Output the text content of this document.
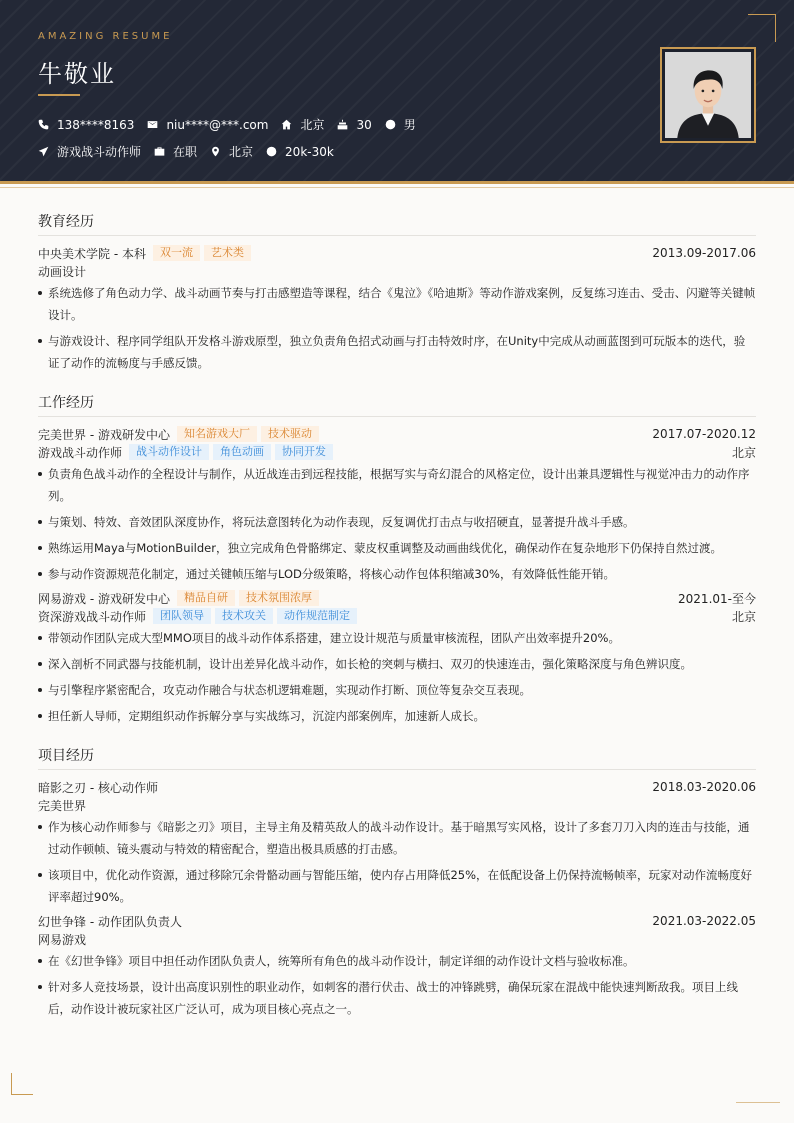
AMAZING RESUME
牛敬业
138****8163	niu****@***.com	北京	30	男
游戏战斗动作师	在职	北京	20k-30k
教育经历
中央美术学院 - 本科	双一流	艺术类	2013.09-2017.06
动画设计
系统选修了角色动力学、战斗动画节奏与打击感塑造等课程，结合《鬼泣》《哈迪斯》等动作游戏案例，反复练习连击、受击、闪避等关键帧设计。
与游戏设计、程序同学组队开发格斗游戏原型，独立负责角色招式动画与打击特效时序，在Unity中完成从动画蓝图到可玩版本的迭代，验证了动作的流畅度与手感反馈。
工作经历
完美世界 - 游戏研发中心	知名游戏大厂	技术驱动	2017.07-2020.12
游戏战斗动作师	战斗动作设计	角色动画	协同开发	北京
负责角色战斗动作的全程设计与制作，从近战连击到远程技能，根据写实与奇幻混合的风格定位，设计出兼具逻辑性与视觉冲击力的动作序列。
与策划、特效、音效团队深度协作，将玩法意图转化为动作表现，反复调优打击点与收招硬直，显著提升战斗手感。
熟练运用Maya与MotionBuilder，独立完成角色骨骼绑定、蒙皮权重调整及动画曲线优化，确保动作在复杂地形下仍保持自然过渡。
参与动作资源规范化制定，通过关键帧压缩与LOD分级策略，将核心动作包体积缩减30%，有效降低性能开销。
网易游戏 - 游戏研发中心	精品自研	技术氛围浓厚	2021.01-至今
资深游戏战斗动作师	团队领导	技术攻关	动作规范制定	北京
带领动作团队完成大型MMO项目的战斗动作体系搭建，建立设计规范与质量审核流程，团队产出效率提升20%。
深入剖析不同武器与技能机制，设计出差异化战斗动作，如长枪的突刺与横扫、双刃的快速连击，强化策略深度与角色辨识度。
与引擎程序紧密配合，攻克动作融合与状态机逻辑难题，实现动作打断、顶位等复杂交互表现。
担任新人导师，定期组织动作拆解分享与实战练习，沉淀内部案例库，加速新人成长。
项目经历
暗影之刃 - 核心动作师	2018.03-2020.06
完美世界
作为核心动作师参与《暗影之刃》项目，主导主角及精英敌人的战斗动作设计。基于暗黑写实风格，设计了多套刀刀入肉的连击与技能，通过动作顿帧、镜头震动与特效的精密配合，塑造出极具质感的打击感。
该项目中，优化动作资源，通过移除冗余骨骼动画与智能压缩，使内存占用降低25%，在低配设备上仍保持流畅帧率，玩家对动作流畅度好评率超过90%。
幻世争锋 - 动作团队负责人	2021.03-2022.05
网易游戏
在《幻世争锋》项目中担任动作团队负责人，统筹所有角色的战斗动作设计，制定详细的动作设计文档与验收标准。
针对多人竞技场景，设计出高度识别性的职业动作，如刺客的潜行伏击、战士的冲锋跳劈，确保玩家在混战中能快速判断敌我。项目上线后，动作设计被玩家社区广泛认可，成为项目核心亮点之一。
